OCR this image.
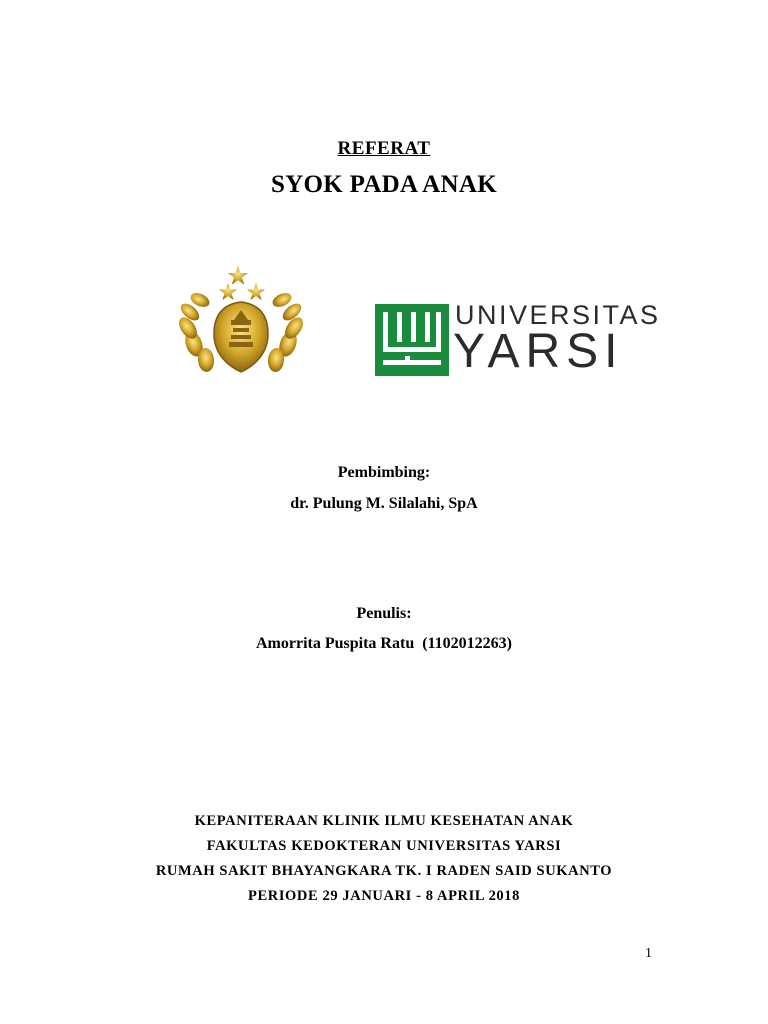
REFERAT
SYOK PADA ANAK
UNIVERSITAS
YARSI
Pembimbing:
dr. Pulung M. Silalahi, SpA
Penulis:
Amorrita Puspita Ratu  (1102012263)
KEPANITERAAN KLINIK ILMU KESEHATAN ANAK
FAKULTAS KEDOKTERAN UNIVERSITAS YARSI
RUMAH SAKIT BHAYANGKARA TK. I RADEN SAID SUKANTO
PERIODE 29 JANUARI - 8 APRIL 2018
1
